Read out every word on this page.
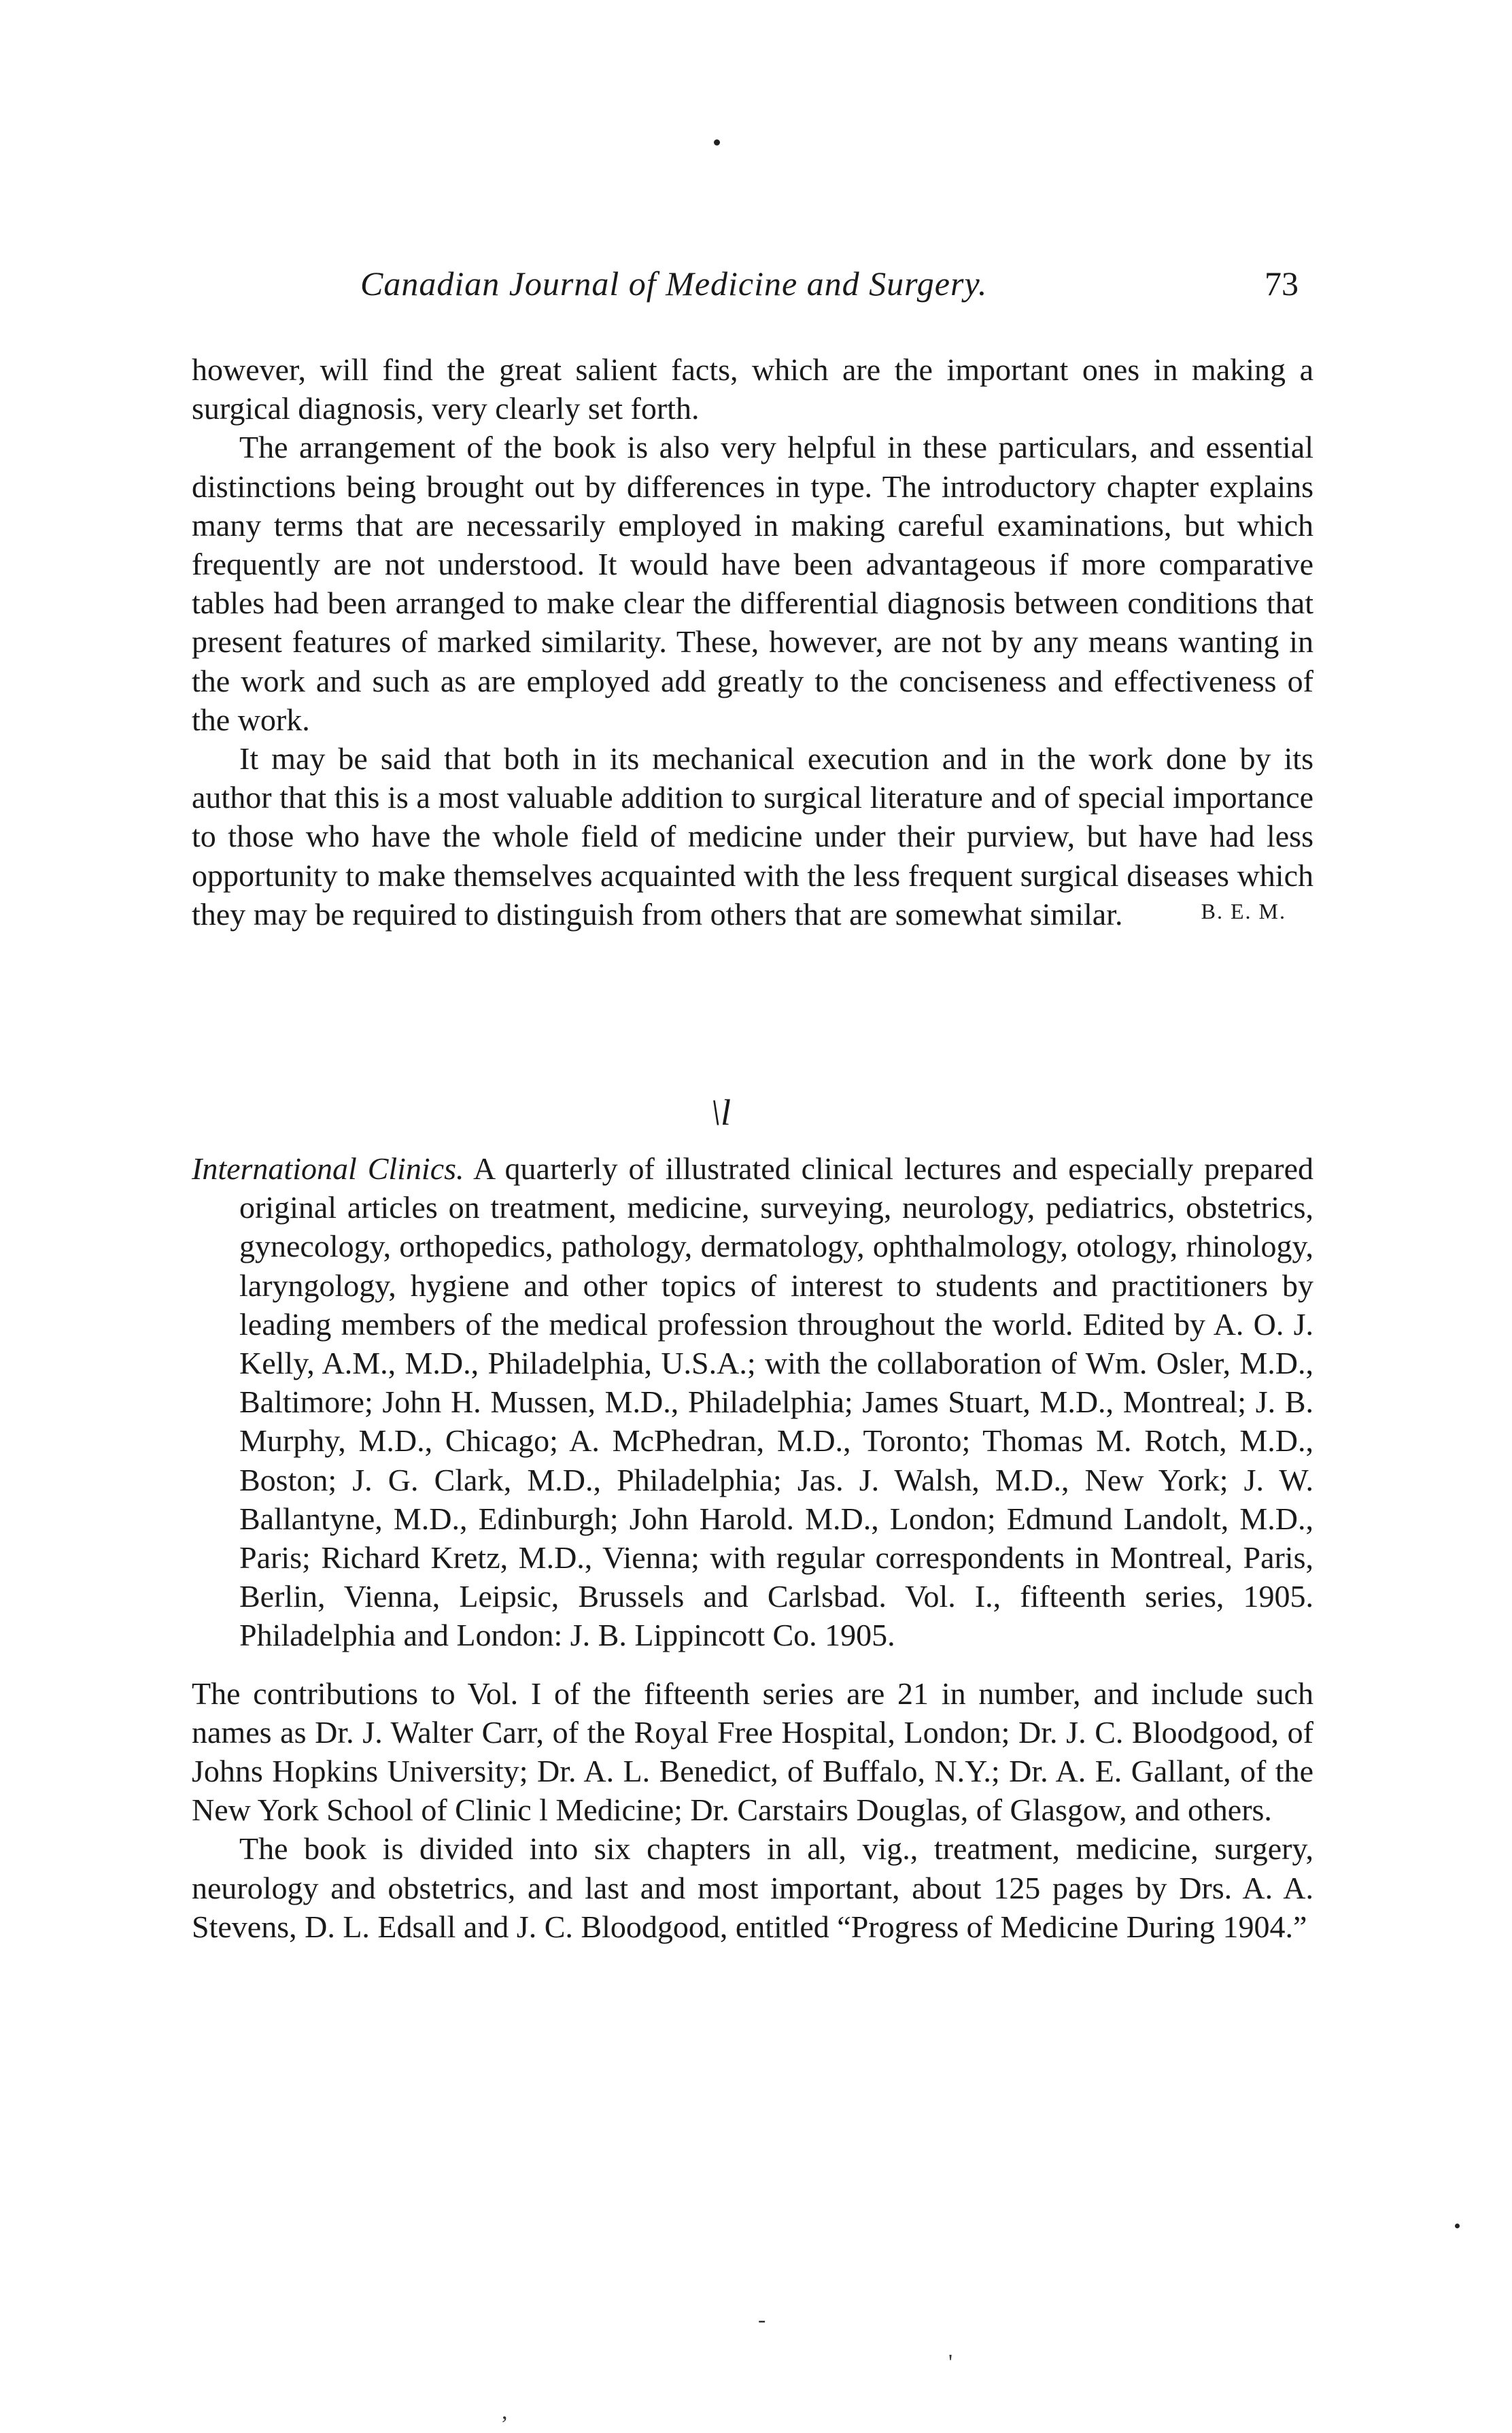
Canadian Journal of Medicine and Surgery.	73

however, will find the great salient facts, which are the important ones in making a surgical diagnosis, very clearly set forth.

The arrangement of the book is also very helpful in these particulars, and essential distinctions being brought out by differences in type. The introductory chapter explains many terms that are necessarily employed in making careful examinations, but which frequently are not understood. It would have been advantageous if more comparative tables had been arranged to make clear the differential diagnosis between conditions that present features of marked similarity. These, however, are not by any means wanting in the work and such as are employed add greatly to the conciseness and effectiveness of the work.

It may be said that both in its mechanical execution and in the work done by its author that this is a most valuable addition to surgical literature and of special importance to those who have the whole field of medicine under their purview, but have had less opportunity to make themselves acquainted with the less frequent surgical diseases which they may be required to distinguish from others that are somewhat similar.	B. E. M.

\l

International Clinics. A quarterly of illustrated clinical lectures and especially prepared original articles on treatment, medicine, surveying, neurology, pediatrics, obstetrics, gynecology, orthopedics, pathology, dermatology, ophthalmology, otology, rhinology, laryngology, hygiene and other topics of interest to students and practitioners by leading members of the medical profession throughout the world. Edited by A. O. J. Kelly, A.M., M.D., Philadelphia, U.S.A.; with the collaboration of Wm. Osler, M.D., Baltimore; John H. Mussen, M.D., Philadelphia; James Stuart, M.D., Montreal; J. B. Murphy, M.D., Chicago; A. McPhedran, M.D., Toronto; Thomas M. Rotch, M.D., Boston; J. G. Clark, M.D., Philadelphia; Jas. J. Walsh, M.D., New York; J. W. Ballantyne, M.D., Edinburgh; John Harold. M.D., London; Edmund Landolt, M.D., Paris; Richard Kretz, M.D., Vienna; with regular correspondents in Montreal, Paris, Berlin, Vienna, Leipsic, Brussels and Carlsbad. Vol. I., fifteenth series, 1905. Philadelphia and London: J. B. Lippincott Co. 1905.

The contributions to Vol. I of the fifteenth series are 21 in number, and include such names as Dr. J. Walter Carr, of the Royal Free Hospital, London; Dr. J. C. Bloodgood, of Johns Hopkins University; Dr. A. L. Benedict, of Buffalo, N.Y.; Dr. A. E. Gallant, of the New York School of Clinic l Medicine; Dr. Carstairs Douglas, of Glasgow, and others.

The book is divided into six chapters in all, vig., treatment, medicine, surgery, neurology and obstetrics, and last and most important, about 125 pages by Drs. A. A. Stevens, D. L. Edsall and J. C. Bloodgood, entitled “Progress of Medicine During 1904.”

-
'
,
